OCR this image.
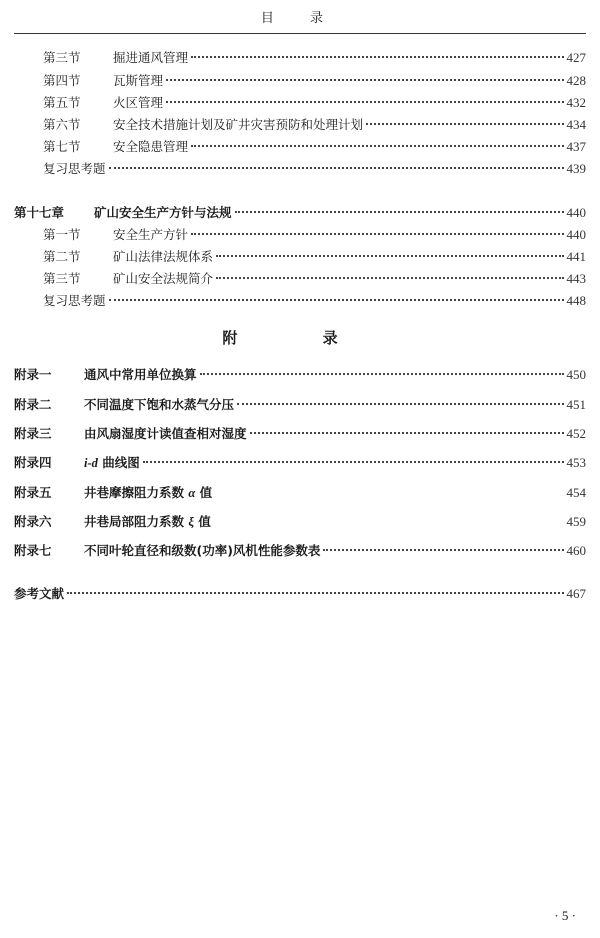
目 录
第三节	掘进通风管理	427
第四节	瓦斯管理	428
第五节	火区管理	432
第六节	安全技术措施计划及矿井灾害预防和处理计划	434
第七节	安全隐患管理	437
复习思考题	439
第十七章 矿山安全生产方针与法规	440
第一节	安全生产方针	440
第二节	矿山法律法规体系	441
第三节	矿山安全法规简介	443
复习思考题	448
附 录
附录一	通风中常用单位换算	450
附录二	不同温度下饱和水蒸气分压	451
附录三	由风扇湿度计读值查相对湿度	452
附录四	i-d 曲线图	453
附录五	井巷摩擦阻力系数 α 值	454
附录六	井巷局部阻力系数 ξ 值	459
附录七	不同叶轮直径和级数(功率)风机性能参数表	460
参考文献	467
· 5 ·
